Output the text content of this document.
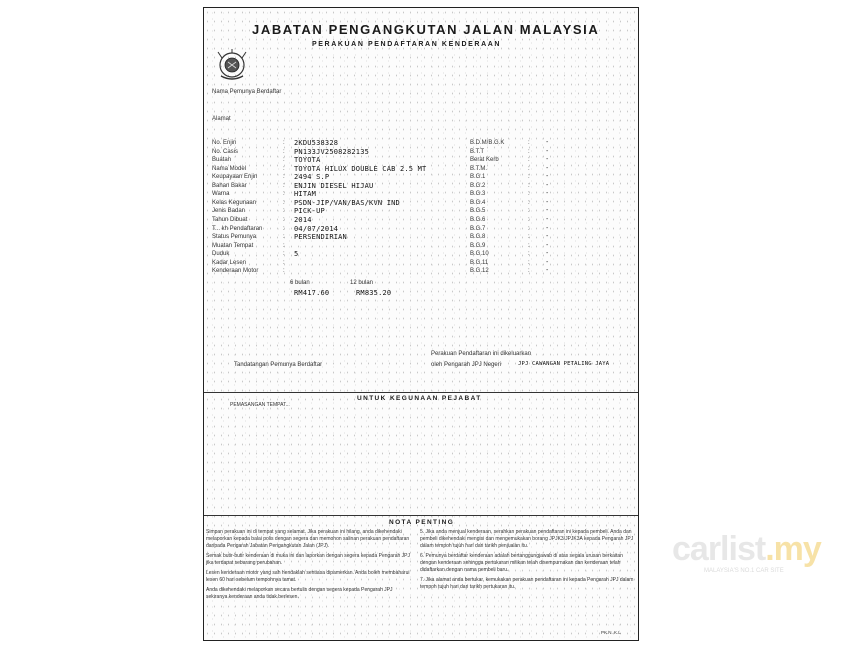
JABATAN PENGANGKUTAN JALAN MALAYSIA
PERAKUAN PENDAFTARAN KENDERAAN
Nama Pemunya Berdaftar
Alamat
No. Enjin	: 2KDU538328
No. Casis	: PN133JV2508282135
Buatan	: TOYOTA
Nama Model	: TOYOTA HILUX DOUBLE CAB 2.5 MT
Keupayaan Enjin	: 2494 S.P
Bahan Bakar	: ENJIN DIESEL HIJAU
Warna	: HITAM
Kelas Kegunaan	: PSDN-JIP/VAN/BAS/KVN IND
Jenis Badan	: PICK-UP
Tahun Dibuat	: 2014
T... kh Pendaftaran	: 04/07/2014
Status Pemunya	: PERSENDIRIAN
Muatan Tempat	:
Duduk	: 5
Kadar Lesen	:
Kenderaan Motor	:
6 bulan	12 bulan
RM417.60	RM835.20
B.D.M/B.G.K	: -
B.T.T	: -
Berat Kerb	: -
B.T.M.	: -
B.G.1	: -
B.G.2	: -
B.G.3	: -
B.G.4	: -
B.G.5	: -
B.G.6	: -
B.G.7	: -
B.G.8	: -
B.G.9	: -
B.G.10	: -
B.G.11	: -
B.G.12	: -
Perakuan Pendaftaran ini dikeluarkan
oleh Pengarah JPJ Negeri	JPJ CAWANGAN PETALING JAYA
Tandatangan Pemunya Berdaftar
UNTUK KEGUNAAN PEJABAT
PEMASANGAN TEMPAT...
NOTA PENTING
Simpan perakuan ini di tempat yang selamat. Jika perakuan ini hilang, anda dikehendaki melaporkan kepada balai polis dengan segera dan memohon salinan perakuan pendaftaran daripada Pengarah Jabatan Pengangkutan Jalan (JPJ).
Semak butir-butir kenderaan di muka ini dan laporkan dengan segera kepada Pengarah JPJ jika terdapat sebarang perubahan.
Lesen kenderaan motor yang sah hendaklah sentiasa dipamerkan. Anda boleh membaharui lesen 60 hari sebelum tempohnya tamat.
Anda dikehendaki melaporkan secara bertulis dengan segera kepada Pengarah JPJ sekiranya kenderaan anda tidak berlesen.
5. Jika anda menjual kenderaan, serahkan perakuan pendaftaran ini kepada pembeli. Anda dan pembeli dikehendaki mengisi dan mengemukakan borang JPJK3/JPJK3A kepada Pengarah JPJ dalam tempoh tujuh hari dari tarikh penjualan itu.
6. Pemunya berdaftar kenderaan adalah bertanggungjawab di atas segala urusan berkaitan dengan kenderaan sehingga pertukaran milikan telah disempurnakan dan kenderaan telah didaftarkan dengan nama pembeli baru.
7. Jika alamat anda bertukar, kemukakan perakuan pendaftaran ini kepada Pengarah JPJ dalam tempoh tujuh hari dari tarikh pertukaran itu.
PK.N. K.L
carlist.my
MALAYSIA'S NO.1 CAR SITE
